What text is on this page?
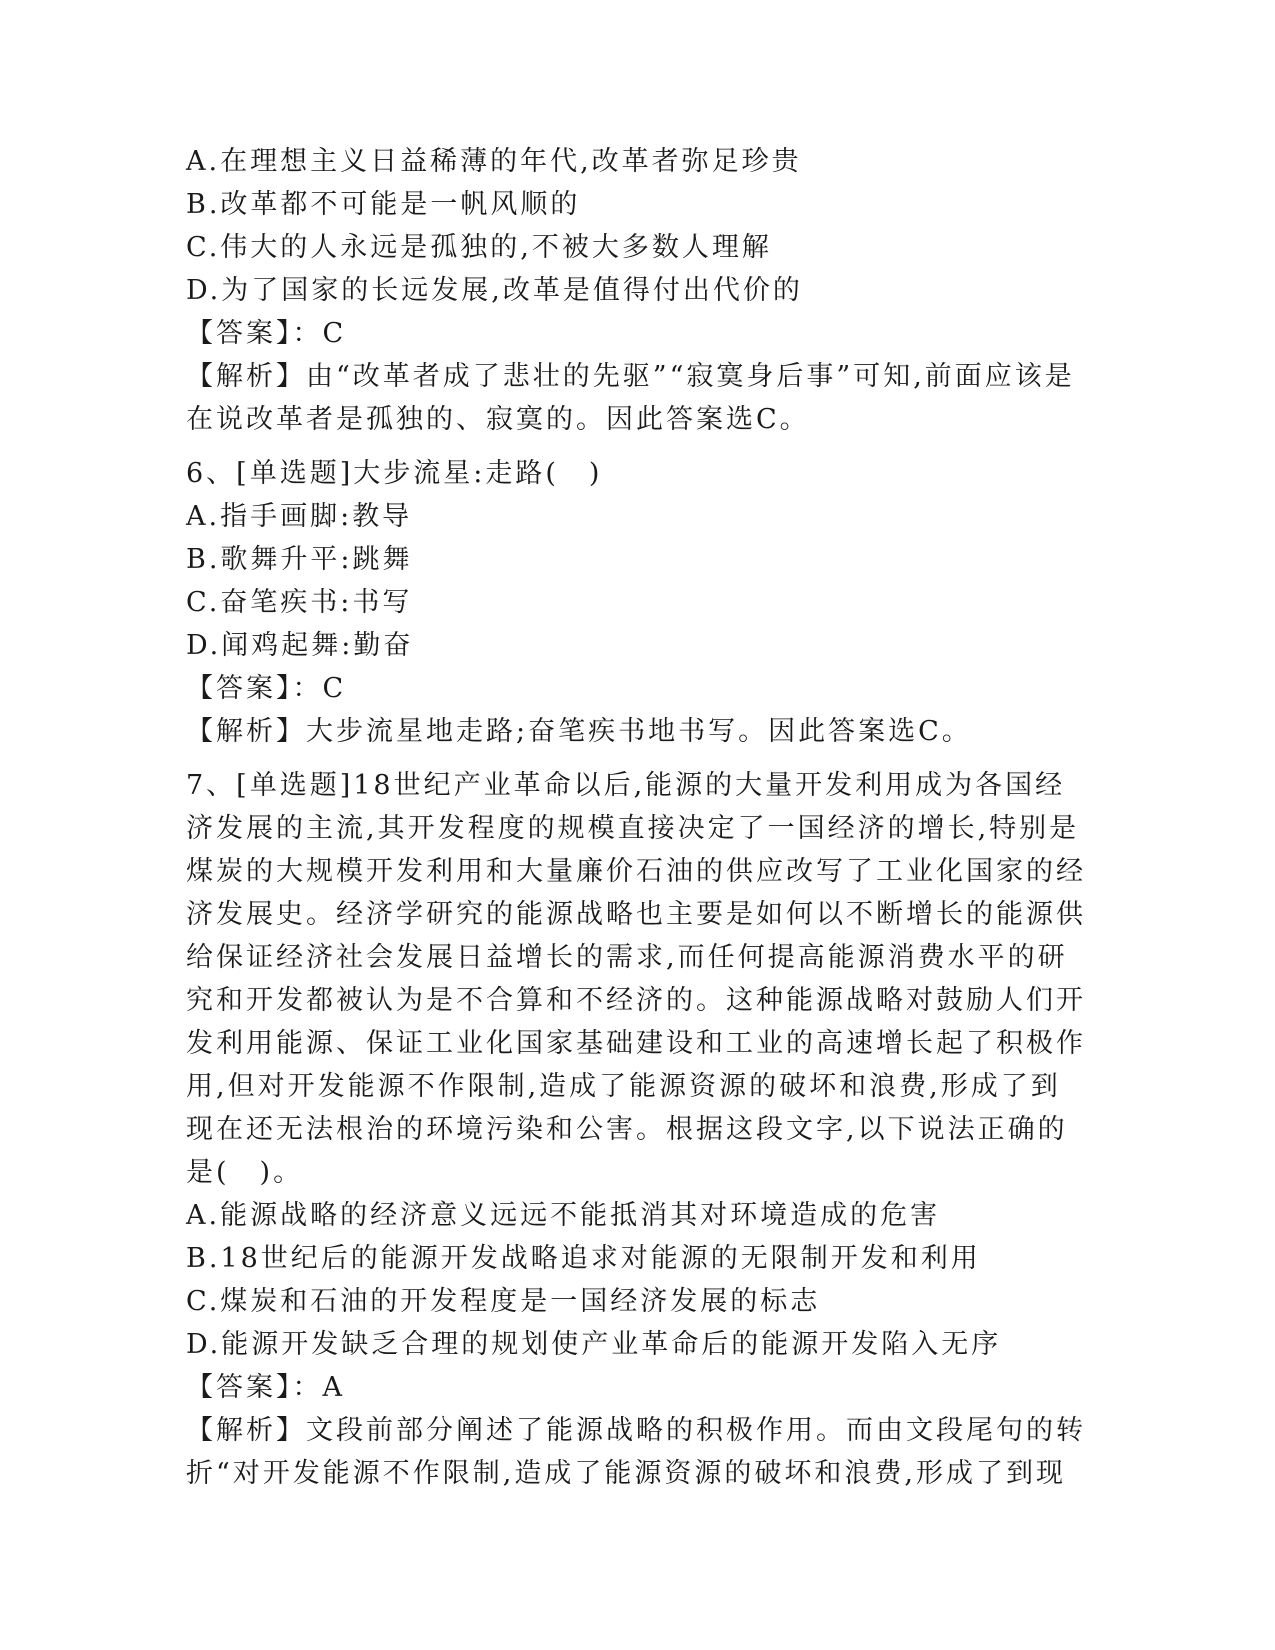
A.在理想主义日益稀薄的年代,改革者弥足珍贵
B.改革都不可能是一帆风顺的
C.伟大的人永远是孤独的,不被大多数人理解
D.为了国家的长远发展,改革是值得付出代价的
【答案】：C
【解析】由“改革者成了悲壮的先驱”“寂寞身后事”可知,前面应该是在说改革者是孤独的、寂寞的。因此答案选C。
6、[单选题]大步流星:走路(　)
A.指手画脚:教导
B.歌舞升平:跳舞
C.奋笔疾书:书写
D.闻鸡起舞:勤奋
【答案】：C
【解析】大步流星地走路;奋笔疾书地书写。因此答案选C。
7、[单选题]18世纪产业革命以后,能源的大量开发利用成为各国经济发展的主流,其开发程度的规模直接决定了一国经济的增长,特别是煤炭的大规模开发利用和大量廉价石油的供应改写了工业化国家的经济发展史。经济学研究的能源战略也主要是如何以不断增长的能源供给保证经济社会发展日益增长的需求,而任何提高能源消费水平的研究和开发都被认为是不合算和不经济的。这种能源战略对鼓励人们开发利用能源、保证工业化国家基础建设和工业的高速增长起了积极作用,但对开发能源不作限制,造成了能源资源的破坏和浪费,形成了到现在还无法根治的环境污染和公害。根据这段文字,以下说法正确的是(　)。
A.能源战略的经济意义远远不能抵消其对环境造成的危害
B.18世纪后的能源开发战略追求对能源的无限制开发和利用
C.煤炭和石油的开发程度是一国经济发展的标志
D.能源开发缺乏合理的规划使产业革命后的能源开发陷入无序
【答案】：A
【解析】文段前部分阐述了能源战略的积极作用。而由文段尾句的转折“对开发能源不作限制,造成了能源资源的破坏和浪费,形成了到现
